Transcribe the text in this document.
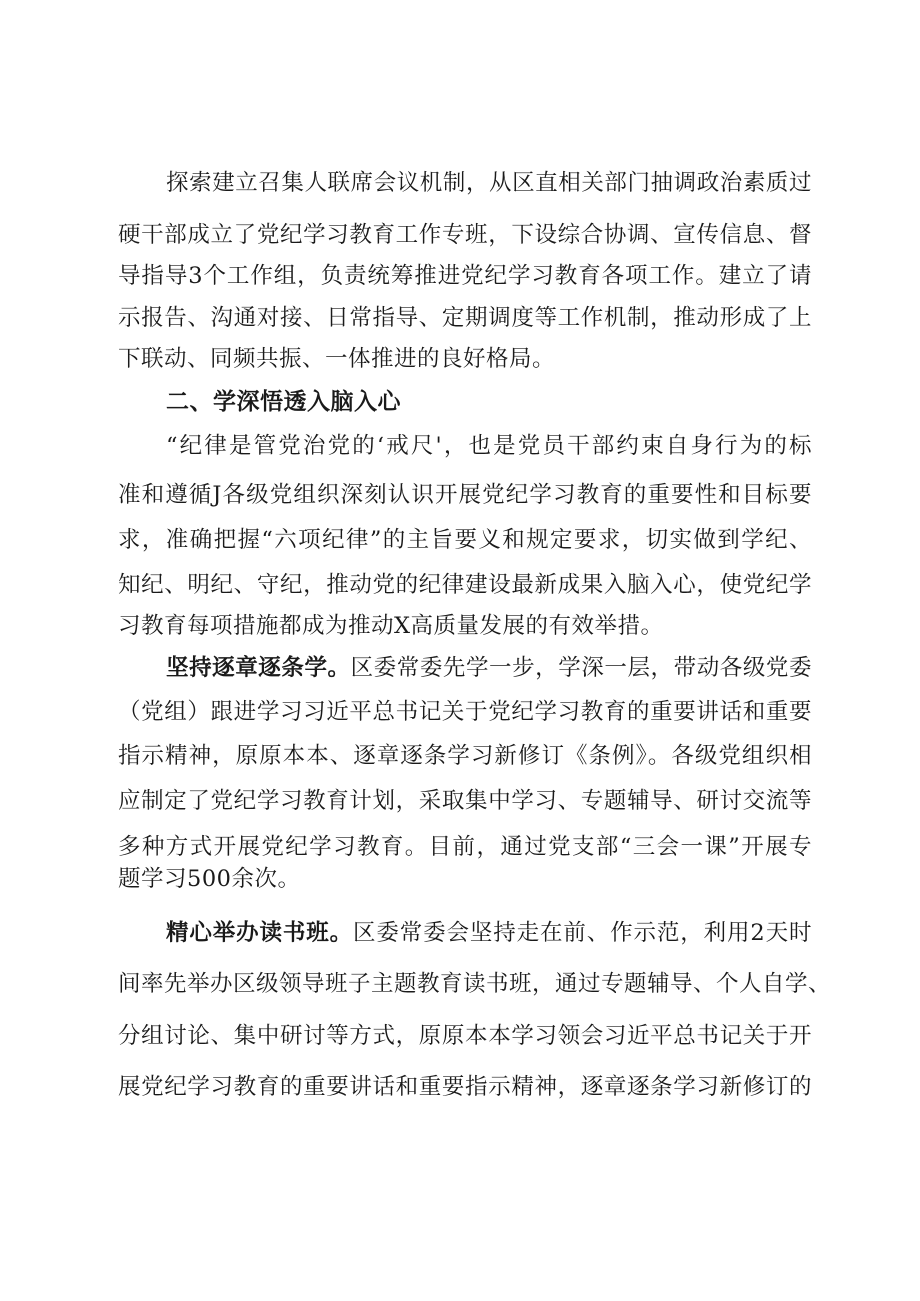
探索建立召集人联席会议机制，从区直相关部门抽调政治素质过
硬干部成立了党纪学习教育工作专班，下设综合协调、宣传信息、督
导指导3个工作组，负责统筹推进党纪学习教育各项工作。建立了请
示报告、沟通对接、日常指导、定期调度等工作机制，推动形成了上
下联动、同频共振、一体推进的良好格局。
二、学深悟透入脑入心
“纪律是管党治党的‘戒尺'，也是党员干部约束自身行为的标
准和遵循J各级党组织深刻认识开展党纪学习教育的重要性和目标要
求，准确把握“六项纪律”的主旨要义和规定要求，切实做到学纪、
知纪、明纪、守纪，推动党的纪律建设最新成果入脑入心，使党纪学
习教育每项措施都成为推动X高质量发展的有效举措。
坚持逐章逐条学。区委常委先学一步，学深一层，带动各级党委
（党组）跟进学习习近平总书记关于党纪学习教育的重要讲话和重要
指示精神，原原本本、逐章逐条学习新修订《条例》。各级党组织相
应制定了党纪学习教育计划，采取集中学习、专题辅导、研讨交流等
多种方式开展党纪学习教育。目前，通过党支部“三会一课”开展专
题学习500余次。
精心举办读书班。区委常委会坚持走在前、作示范，利用2天时
间率先举办区级领导班子主题教育读书班，通过专题辅导、个人自学、
分组讨论、集中研讨等方式，原原本本学习领会习近平总书记关于开
展党纪学习教育的重要讲话和重要指示精神，逐章逐条学习新修订的
